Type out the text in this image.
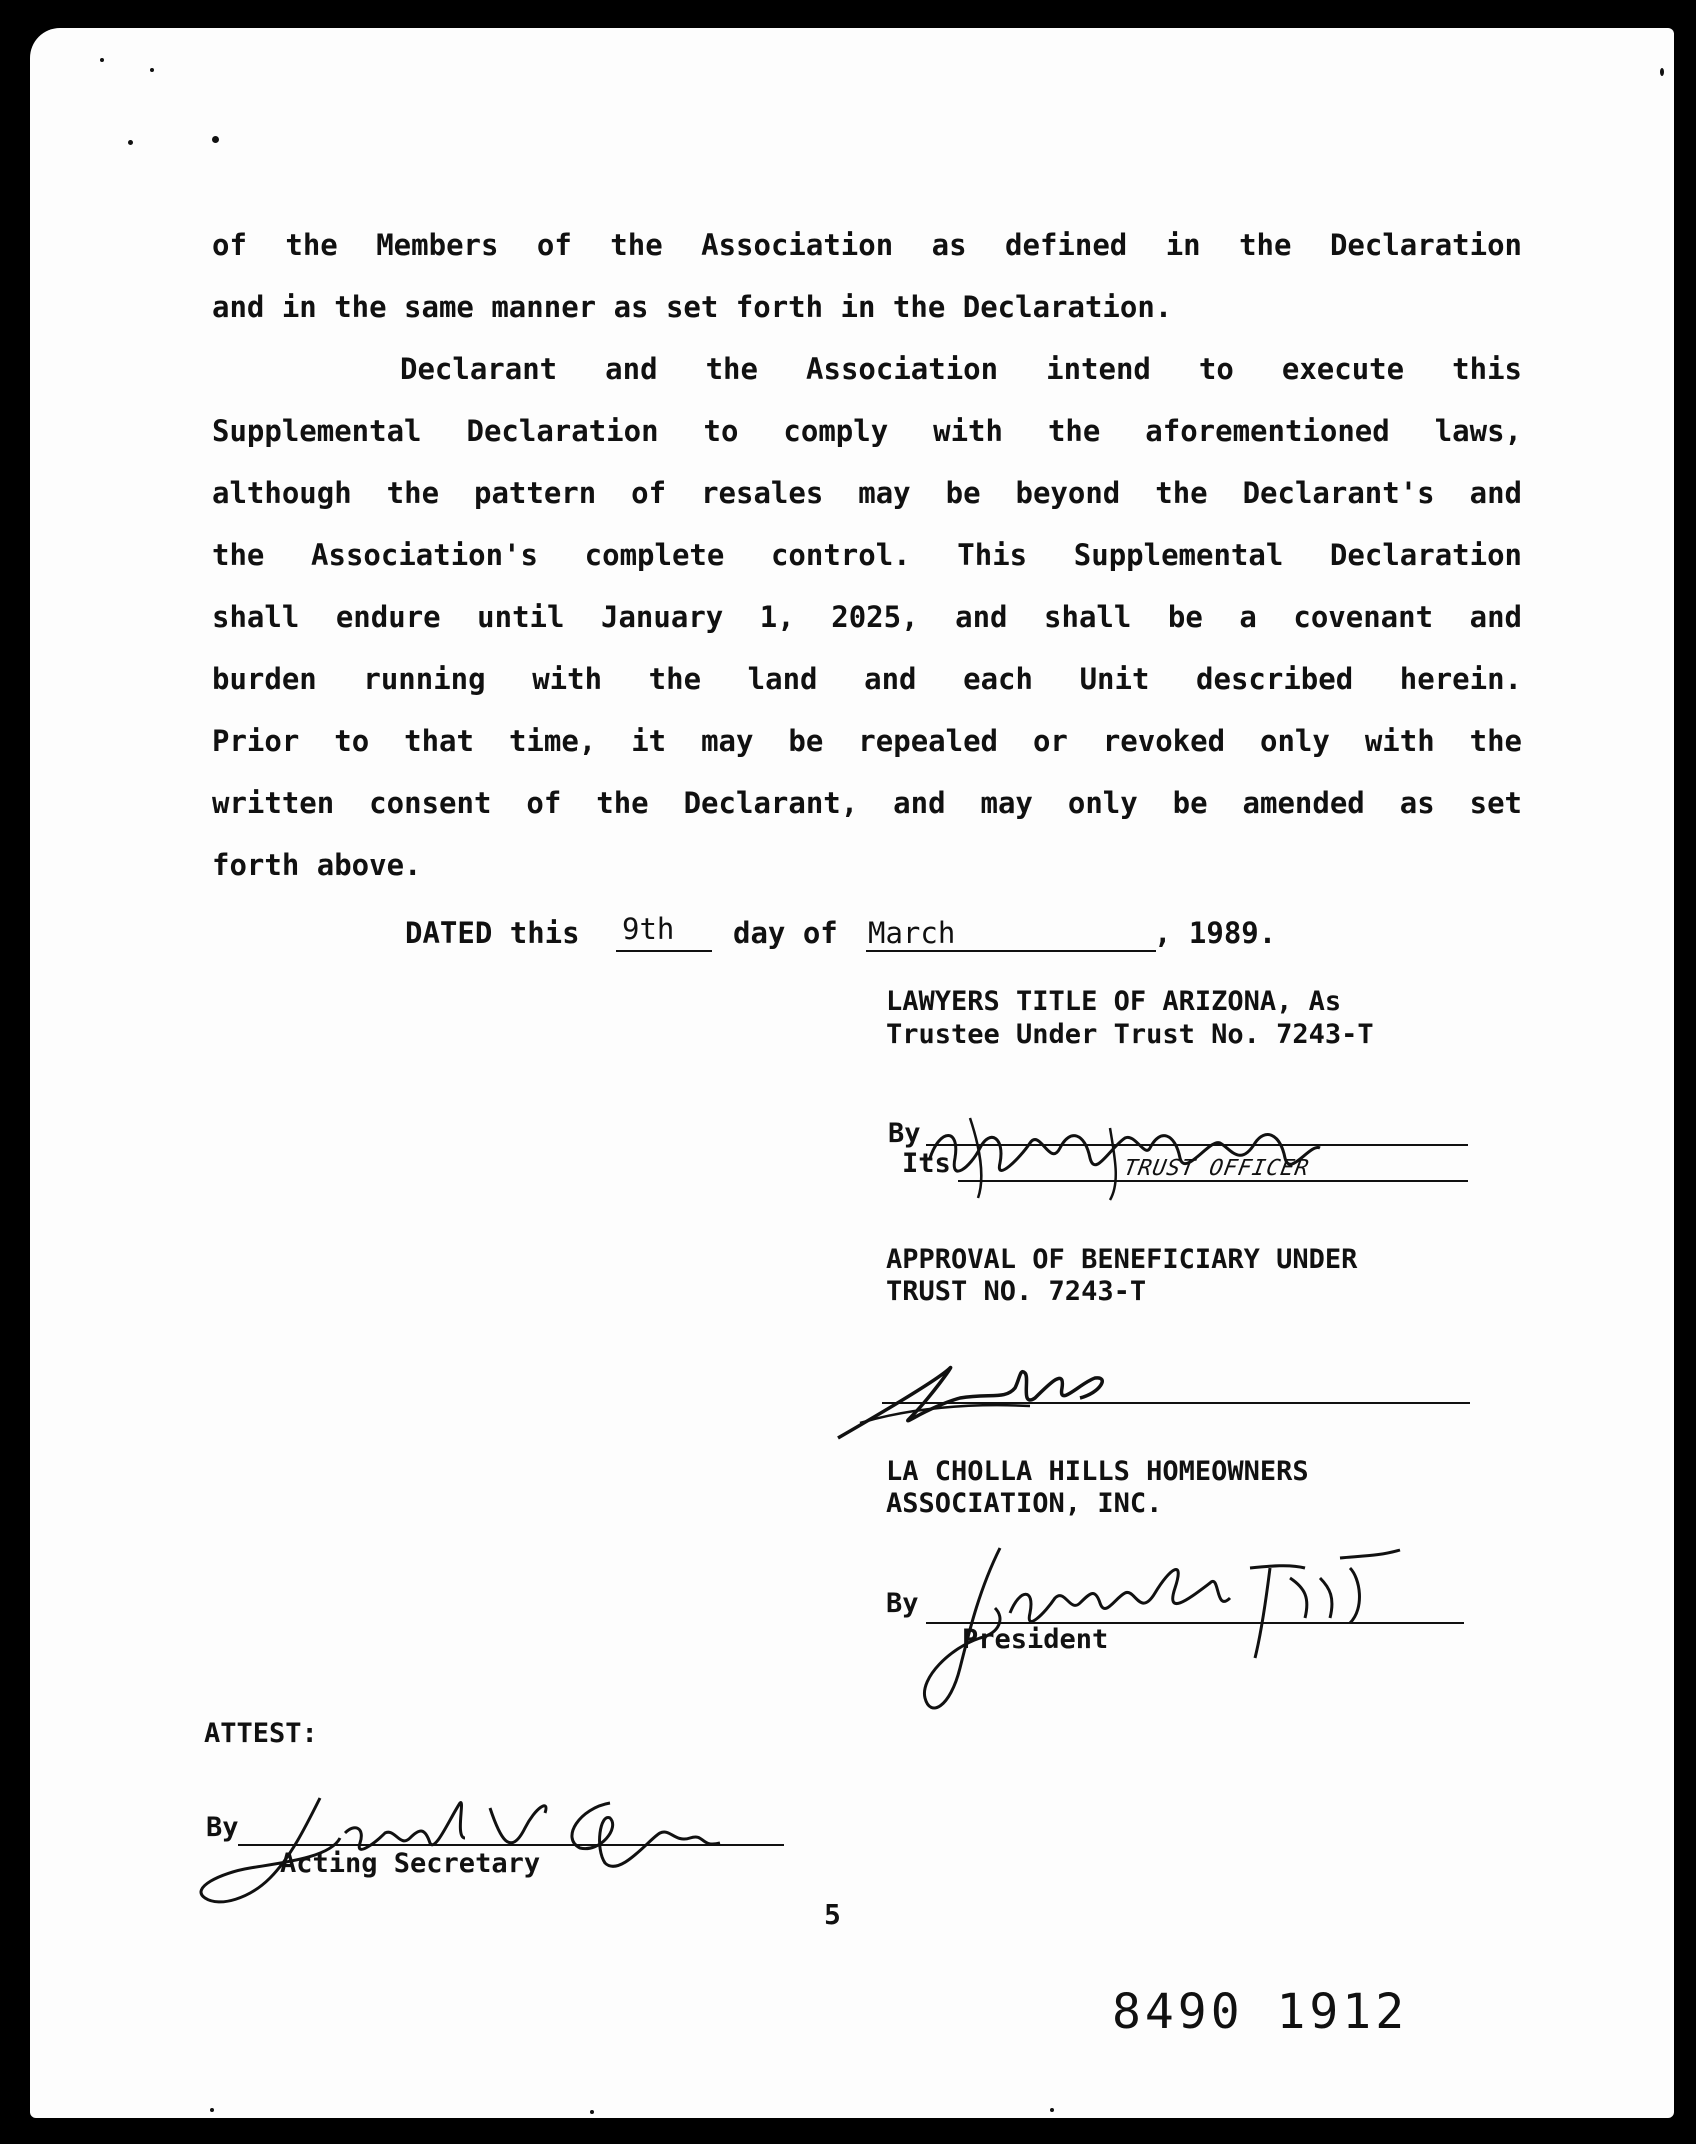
of the Members of the Association as defined in the Declaration
and in the same manner as set forth in the Declaration.
Declarant and the Association intend to execute this
Supplemental Declaration to comply with the aforementioned laws,
although the pattern of resales may be beyond the Declarant's and
the Association's complete control. This Supplemental Declaration
shall endure until January 1, 2025, and shall be a covenant and
burden running with the land and each Unit described herein.
Prior to that time, it may be repealed or revoked only with the
written consent of the Declarant, and may only be amended as set
forth above.
DATED this 9th day of March	, 1989.
LAWYERS TITLE OF ARIZONA, As
Trustee Under Trust No. 7243-T
By
Its	TRUST OFFICER
APPROVAL OF BENEFICIARY UNDER
TRUST NO. 7243-T
LA CHOLLA HILLS HOMEOWNERS
ASSOCIATION, INC.
By
President
ATTEST:
By
Acting Secretary
5
8490 1912
